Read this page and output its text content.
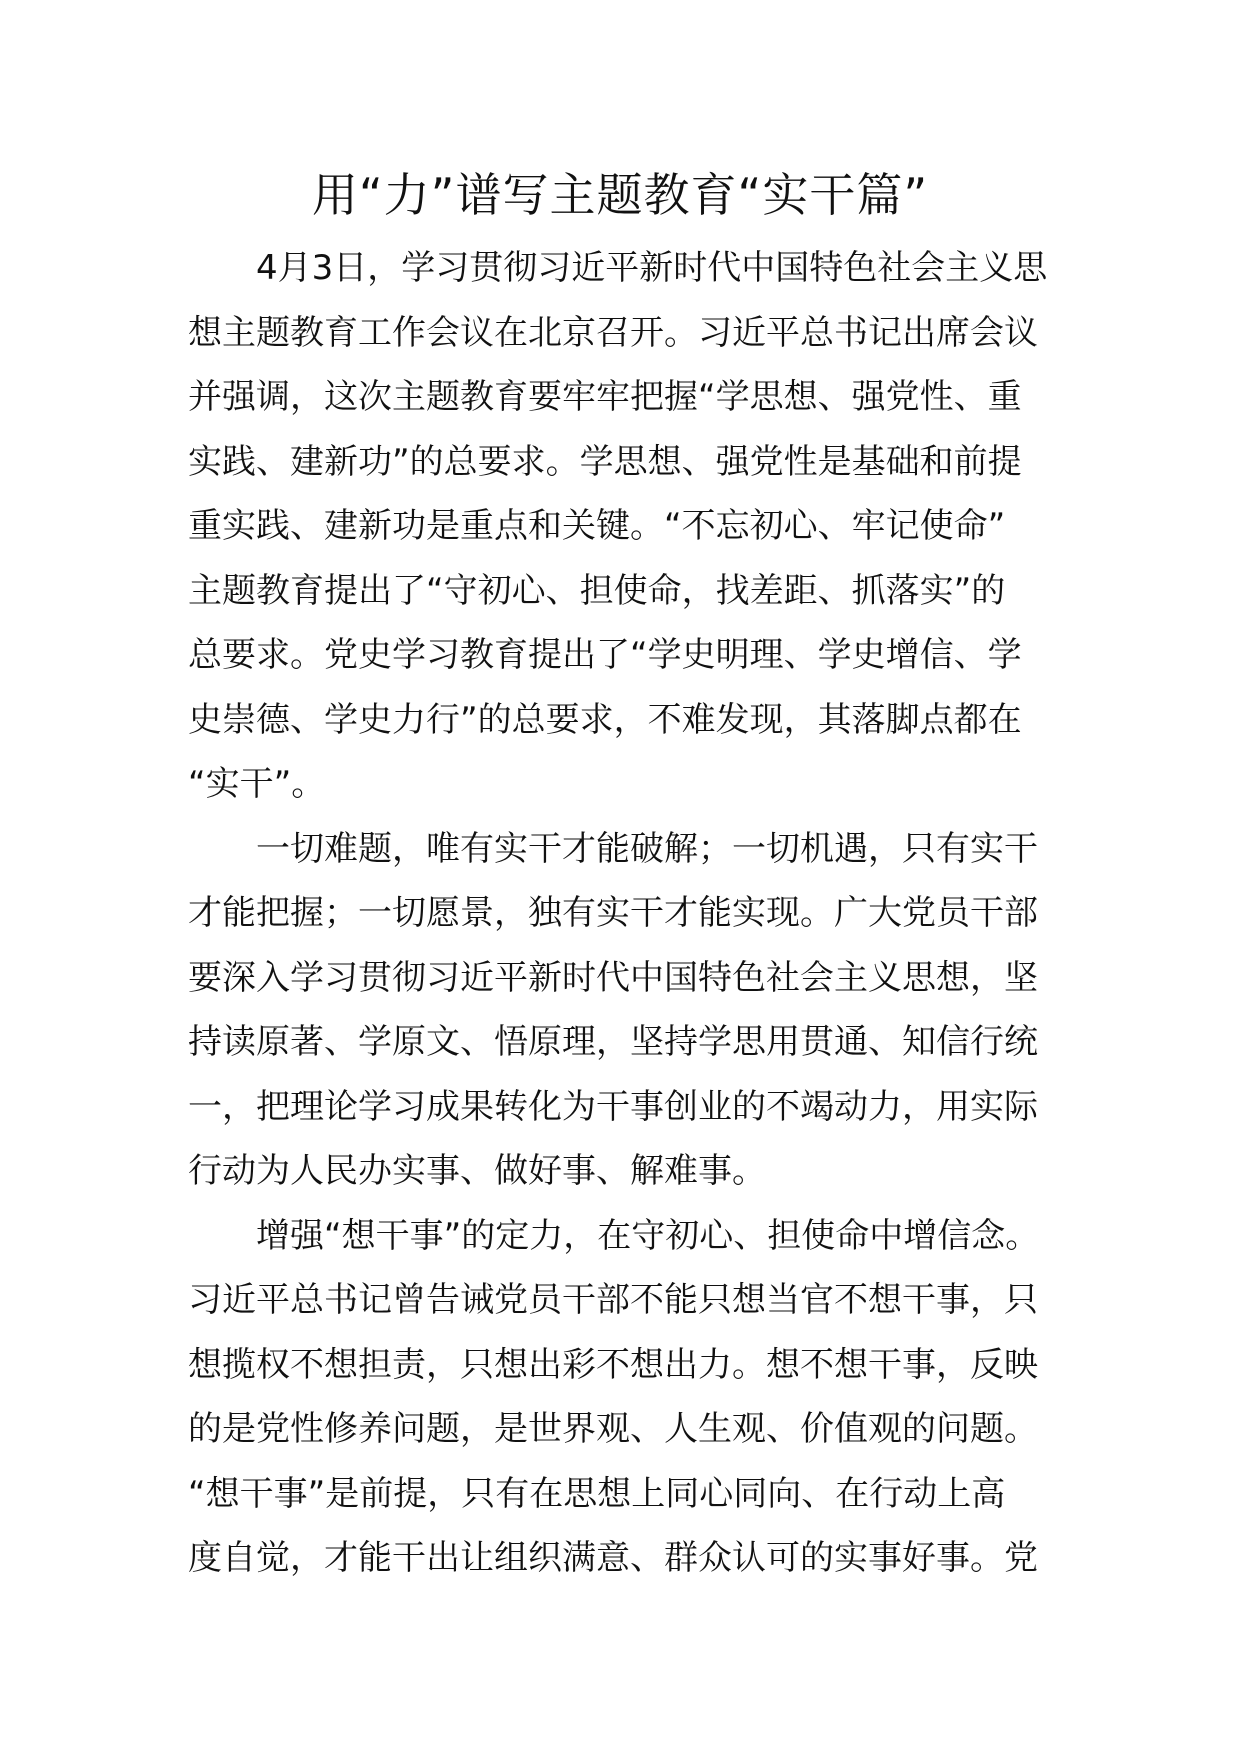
用“力”谱写主题教育“实干篇”
4月3日，学习贯彻习近平新时代中国特色社会主义思
想主题教育工作会议在北京召开。习近平总书记出席会议
并强调，这次主题教育要牢牢把握“学思想、强党性、重
实践、建新功”的总要求。学思想、强党性是基础和前提
重实践、建新功是重点和关键。“不忘初心、牢记使命”
主题教育提出了“守初心、担使命，找差距、抓落实”的
总要求。党史学习教育提出了“学史明理、学史增信、学
史崇德、学史力行”的总要求，不难发现，其落脚点都在
“实干”。
一切难题，唯有实干才能破解；一切机遇，只有实干
才能把握；一切愿景，独有实干才能实现。广大党员干部
要深入学习贯彻习近平新时代中国特色社会主义思想，坚
持读原著、学原文、悟原理，坚持学思用贯通、知信行统
一，把理论学习成果转化为干事创业的不竭动力，用实际
行动为人民办实事、做好事、解难事。
增强“想干事”的定力，在守初心、担使命中增信念。
习近平总书记曾告诫党员干部不能只想当官不想干事，只
想揽权不想担责，只想出彩不想出力。想不想干事，反映
的是党性修养问题，是世界观、人生观、价值观的问题。
“想干事”是前提，只有在思想上同心同向、在行动上高
度自觉，才能干出让组织满意、群众认可的实事好事。党
